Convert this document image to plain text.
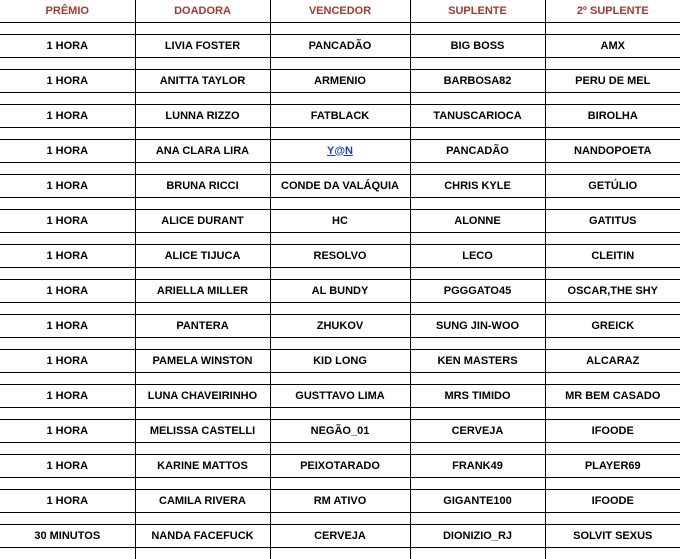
PRÊMIO	DOADORA	VENCEDOR	SUPLENTE	2º SUPLENTE

1 HORA	LIVIA FOSTER	PANCADÃO	BIG BOSS	AMX

1 HORA	ANITTA TAYLOR	ARMENIO	BARBOSA82	PERU DE MEL

1 HORA	LUNNA RIZZO	FATBLACK	TANUSCARIOCA	BIROLHA

1 HORA	ANA CLARA LIRA	Y@N	PANCADÃO	NANDOPOETA

1 HORA	BRUNA RICCI	CONDE DA VALÁQUIA	CHRIS KYLE	GETÚLIO

1 HORA	ALICE DURANT	HC	ALONNE	GATITUS

1 HORA	ALICE TIJUCA	RESOLVO	LECO	CLEITIN

1 HORA	ARIELLA MILLER	AL BUNDY	PGGGATO45	OSCAR,THE SHY

1 HORA	PANTERA	ZHUKOV	SUNG JIN-WOO	GREICK

1 HORA	PAMELA WINSTON	KID LONG	KEN MASTERS	ALCARAZ

1 HORA	LUNA CHAVEIRINHO	GUSTTAVO LIMA	MRS TIMIDO	MR BEM CASADO

1 HORA	MELISSA CASTELLI	NEGÃO_01	CERVEJA	IFOODE

1 HORA	KARINE MATTOS	PEIXOTARADO	FRANK49	PLAYER69

1 HORA	CAMILA RIVERA	RM ATIVO	GIGANTE100	IFOODE

30 MINUTOS	NANDA FACEFUCK	CERVEJA	DIONIZIO_RJ	SOLVIT SEXUS
